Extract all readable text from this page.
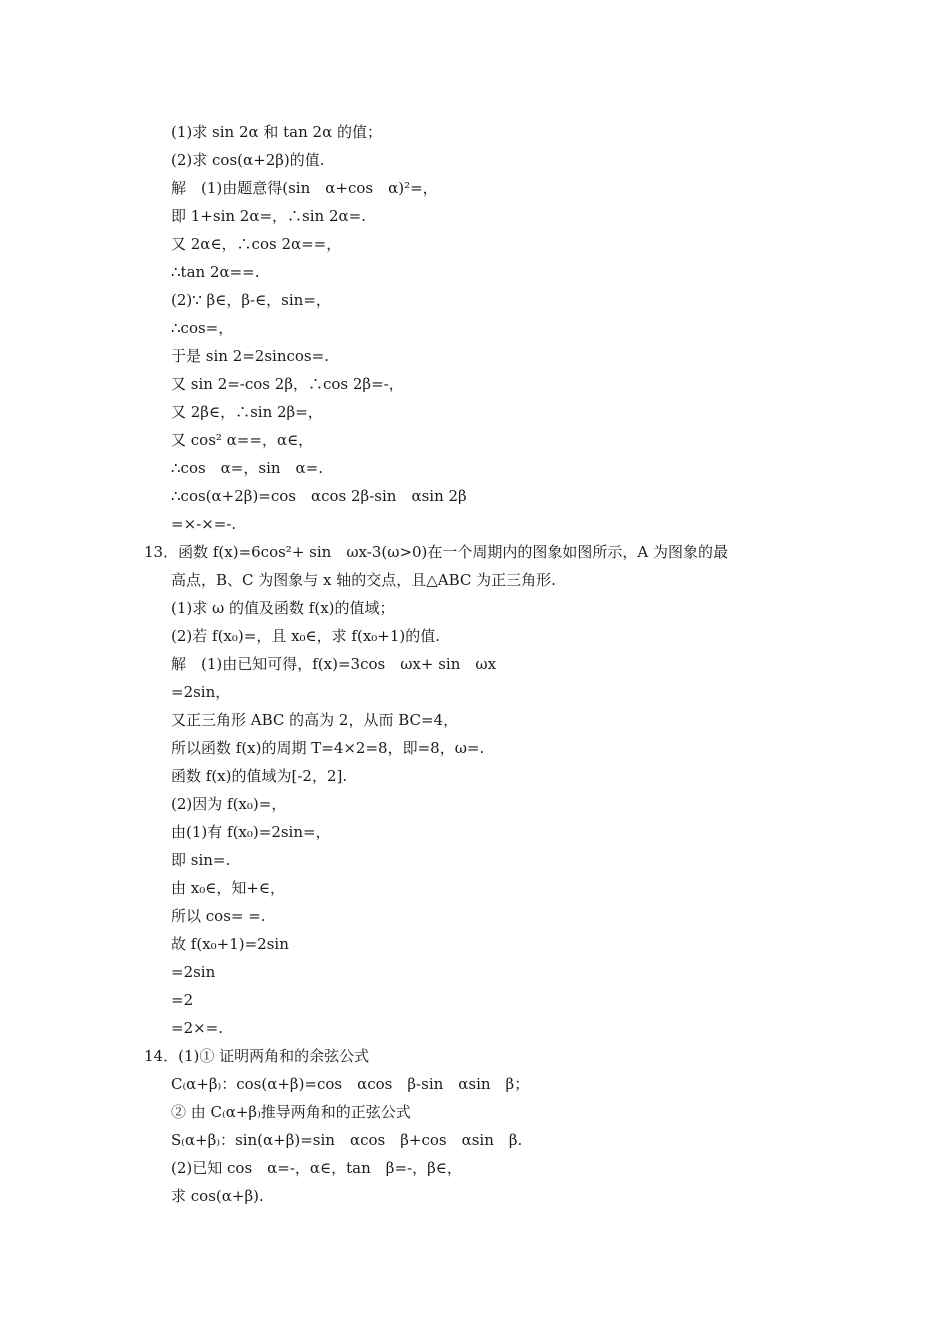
(1)求 sin 2α 和 tan 2α 的值；
(2)求 cos(α+2β)的值.
解　(1)由题意得(sin　α+cos　α)²=，
即 1+sin 2α=，∴sin 2α=.
又 2α∈，∴cos 2α==，
∴tan 2α==.
(2)∵ β∈，β-∈，sin=，
∴cos=，
于是 sin 2=2sincos=.
又 sin 2=-cos 2β，∴cos 2β=-，
又 2β∈，∴sin 2β=，
又 cos² α==，α∈，
∴cos　α=，sin　α=.
∴cos(α+2β)=cos　αcos 2β-sin　αsin 2β
=×-×=-.
13．函数 f(x)=6cos²+ sin　ωx-3(ω>0)在一个周期内的图象如图所示，A 为图象的最
高点，B、C 为图象与 x 轴的交点，且△ABC 为正三角形.
(1)求 ω 的值及函数 f(x)的值域；
(2)若 f(x₀)=，且 x₀∈，求 f(x₀+1)的值.
解　(1)由已知可得，f(x)=3cos　ωx+ sin　ωx
=2sin，
又正三角形 ABC 的高为 2，从而 BC=4，
所以函数 f(x)的周期 T=4×2=8，即=8，ω=.
函数 f(x)的值域为[-2，2].
(2)因为 f(x₀)=，
由(1)有 f(x₀)=2sin=，
即 sin=.
由 x₀∈，知+∈，
所以 cos= =.
故 f(x₀+1)=2sin
=2sin
=2
=2×=.
14．(1)① 证明两角和的余弦公式
C₍α+β₎：cos(α+β)=cos　αcos　β-sin　αsin　β；
② 由 C₍α+β₎推导两角和的正弦公式
S₍α+β₎：sin(α+β)=sin　αcos　β+cos　αsin　β.
(2)已知 cos　α=-，α∈，tan　β=-，β∈，
求 cos(α+β).
